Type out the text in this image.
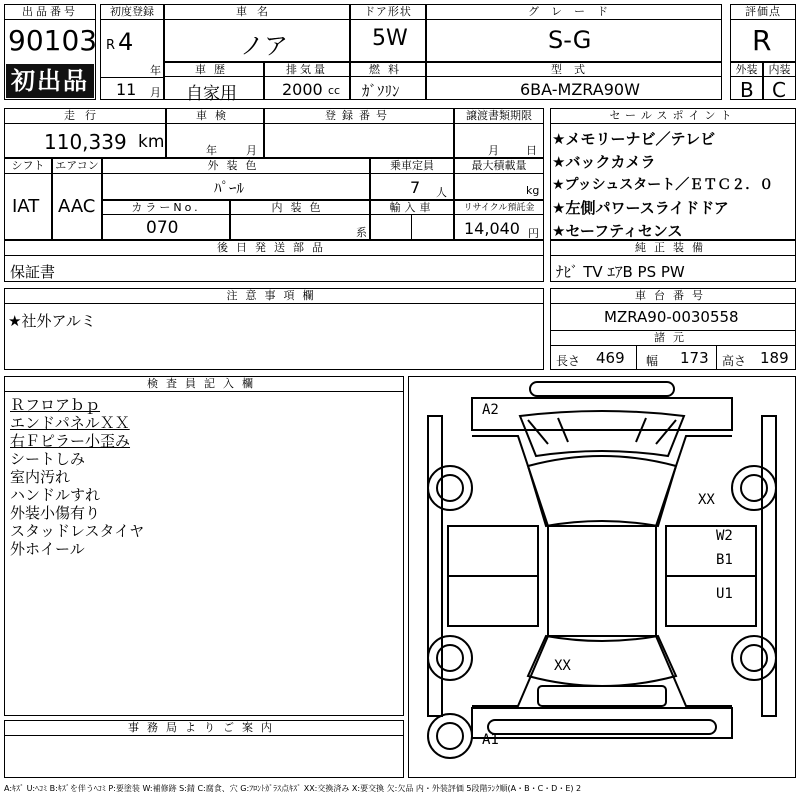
出品番号
90103
初出品
初度登録
R 4
年
11 月
車名
ノア
ドア形状
5W
グレード
S-G
評価点
R
車歴
自家用
排気量
2000 cc
燃料
ｶﾞｿﾘﾝ
型式
6BA-MZRA90W
外装
B
内装
C
走行
110,339 km
車検
年	月
登録番号	譲渡書類期限
月 日
シフト
IAT
エアコン
AAC
外装色
ﾊﾟｰﾙ
乗車定員
7 人
最大積載量
kg
カラーNo.
070
内装色
系
輸入車	リサイクル預託金
14,040 円
後日発送部品
保証書
セールスポイント
★メモリーナビ／テレビ
★バックカメラ
★プッシュスタート／ＥＴＣ２．０
★左側パワースライドドア
★セーフティセンス
純正装備
ﾅﾋﾞ TV ｴｱB PS PW
注意事項欄
★社外アルミ
車台番号
MZRA90-0030558
諸元
長さ 469 幅 173 高さ 189
検査員記入欄
Ｒフロアｂｐ
エンドパネルＸＸ
右Ｆピラー小歪み
シートしみ
室内汚れ
ハンドルすれ
外装小傷有り
スタッドレスタイヤ
外ホイール
事務局よりご案内
A2
XX
W2
B1
U1
XX
A1
A:ｷｽﾞ U:ﾍｺﾐ B:ｷｽﾞを伴うﾍｺﾐ P:要塗装 W:補修跡 S:錆 C:腐食、穴 G:ﾌﾛﾝﾄｶﾞﾗｽ点ｷｽﾞ XX:交換済み X:要交換 欠:欠品 内・外装評価 5段階ﾗﾝｸ順(A・B・C・D・E) 2
